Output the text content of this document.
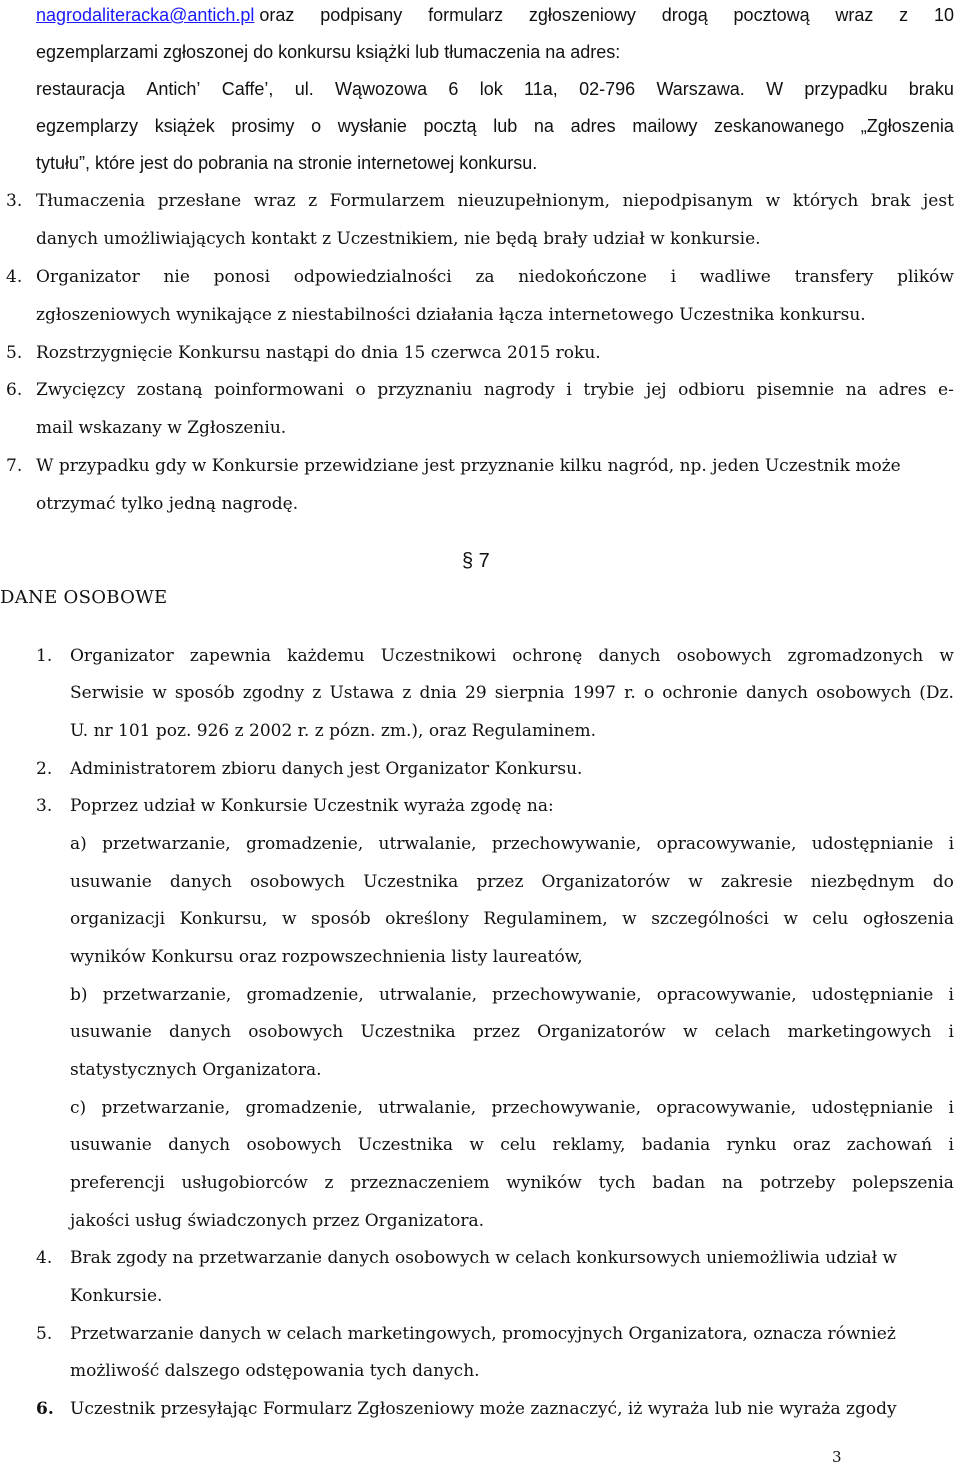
nagrodaliteracka@antich.pl oraz podpisany formularz zgłoszeniowy drogą pocztową wraz z 10
egzemplarzami zgłoszonej do konkursu książki lub tłumaczenia na adres:
restauracja Antich’ Caffe’, ul. Wąwozowa 6 lok 11a, 02-796 Warszawa. W przypadku braku
egzemplarzy książek prosimy o wysłanie pocztą lub na adres mailowy zeskanowanego „Zgłoszenia
tytułu”, które jest do pobrania na stronie internetowej konkursu.
3. Tłumaczenia przesłane wraz z Formularzem nieuzupełnionym, niepodpisanym w których brak jest
danych umożliwiających kontakt z Uczestnikiem, nie będą brały udział w konkursie.
4. Organizator nie ponosi odpowiedzialności za niedokończone i wadliwe transfery plików
zgłoszeniowych wynikające z niestabilności działania łącza internetowego Uczestnika konkursu.
5. Rozstrzygnięcie Konkursu nastąpi do dnia 15 czerwca 2015 roku.
6. Zwycięzcy zostaną poinformowani o przyznaniu nagrody i trybie jej odbioru pisemnie na adres e-
mail wskazany w Zgłoszeniu.
7. W przypadku gdy w Konkursie przewidziane jest przyznanie kilku nagród, np. jeden Uczestnik może
otrzymać tylko jedną nagrodę.
§ 7
DANE OSOBOWE
1. Organizator zapewnia każdemu Uczestnikowi ochronę danych osobowych zgromadzonych w
Serwisie w sposób zgodny z Ustawa z dnia 29 sierpnia 1997 r. o ochronie danych osobowych (Dz.
U. nr 101 poz. 926 z 2002 r. z pózn. zm.), oraz Regulaminem.
2. Administratorem zbioru danych jest Organizator Konkursu.
3. Poprzez udział w Konkursie Uczestnik wyraża zgodę na:
a) przetwarzanie, gromadzenie, utrwalanie, przechowywanie, opracowywanie, udostępnianie i
usuwanie danych osobowych Uczestnika przez Organizatorów w zakresie niezbędnym do
organizacji Konkursu, w sposób określony Regulaminem, w szczególności w celu ogłoszenia
wyników Konkursu oraz rozpowszechnienia listy laureatów,
b) przetwarzanie, gromadzenie, utrwalanie, przechowywanie, opracowywanie, udostępnianie i
usuwanie danych osobowych Uczestnika przez Organizatorów w celach marketingowych i
statystycznych Organizatora.
c) przetwarzanie, gromadzenie, utrwalanie, przechowywanie, opracowywanie, udostępnianie i
usuwanie danych osobowych Uczestnika w celu reklamy, badania rynku oraz zachowań i
preferencji usługobiorców z przeznaczeniem wyników tych badan na potrzeby polepszenia
jakości usług świadczonych przez Organizatora.
4. Brak zgody na przetwarzanie danych osobowych w celach konkursowych uniemożliwia udział w
Konkursie.
5. Przetwarzanie danych w celach marketingowych, promocyjnych Organizatora, oznacza również
możliwość dalszego odstępowania tych danych.
6. Uczestnik przesyłając Formularz Zgłoszeniowy może zaznaczyć, iż wyraża lub nie wyraża zgody
3
